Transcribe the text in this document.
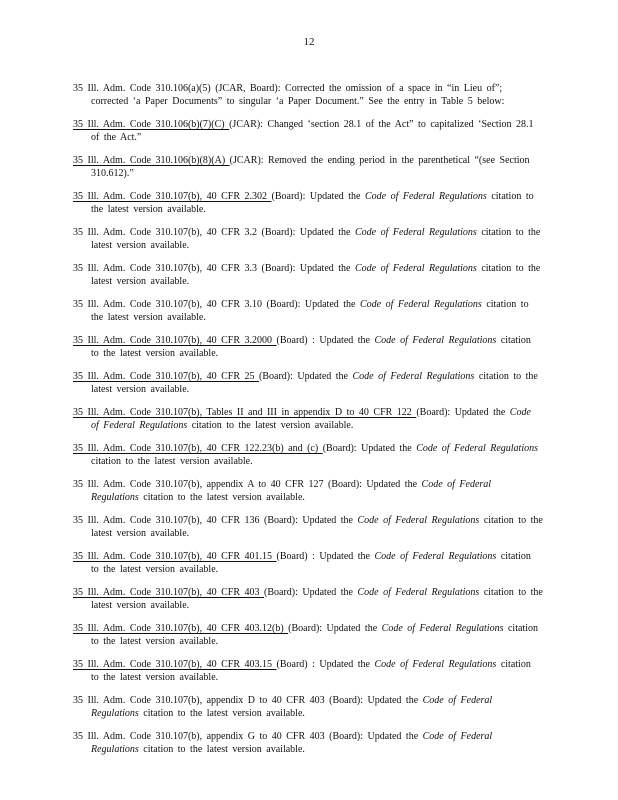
12

35 Ill. Adm. Code 310.106(a)(5) (JCAR, Board): Corrected the omission of a space in “in Lieu of”; corrected ‘a Paper Documents” to singular ‘a Paper Document.” See the entry in Table 5 below:

35 Ill. Adm. Code 310.106(b)(7)(C) (JCAR): Changed ‘section 28.1 of the Act” to capitalized ‘Section 28.1 of the Act.”

35 Ill. Adm. Code 310.106(b)(8)(A) (JCAR): Removed the ending period in the parenthetical “(see Section 310.612).”

35 Ill. Adm. Code 310.107(b), 40 CFR 2.302 (Board): Updated the Code of Federal Regulations citation to the latest version available.

35 Ill. Adm. Code 310.107(b), 40 CFR 3.2 (Board): Updated the Code of Federal Regulations citation to the latest version available.

35 Ill. Adm. Code 310.107(b), 40 CFR 3.3 (Board): Updated the Code of Federal Regulations citation to the latest version available.

35 Ill. Adm. Code 310.107(b), 40 CFR 3.10 (Board): Updated the Code of Federal Regulations citation to the latest version available.

35 Ill. Adm. Code 310.107(b), 40 CFR 3.2000 (Board) : Updated the Code of Federal Regulations citation to the latest version available.

35 Ill. Adm. Code 310.107(b), 40 CFR 25 (Board): Updated the Code of Federal Regulations citation to the latest version available.

35 Ill. Adm. Code 310.107(b), Tables II and III in appendix D to 40 CFR 122 (Board): Updated the Code of Federal Regulations citation to the latest version available.

35 Ill. Adm. Code 310.107(b), 40 CFR 122.23(b) and (c) (Board): Updated the Code of Federal Regulations citation to the latest version available.

35 Ill. Adm. Code 310.107(b), appendix A to 40 CFR 127 (Board): Updated the Code of Federal Regulations citation to the latest version available.

35 Ill. Adm. Code 310.107(b), 40 CFR 136 (Board): Updated the Code of Federal Regulations citation to the latest version available.

35 Ill. Adm. Code 310.107(b), 40 CFR 401.15 (Board) : Updated the Code of Federal Regulations citation to the latest version available.

35 Ill. Adm. Code 310.107(b), 40 CFR 403 (Board): Updated the Code of Federal Regulations citation to the latest version available.

35 Ill. Adm. Code 310.107(b), 40 CFR 403.12(b) (Board): Updated the Code of Federal Regulations citation to the latest version available.

35 Ill. Adm. Code 310.107(b), 40 CFR 403.15 (Board) : Updated the Code of Federal Regulations citation to the latest version available.

35 Ill. Adm. Code 310.107(b), appendix D to 40 CFR 403 (Board): Updated the Code of Federal Regulations citation to the latest version available.

35 Ill. Adm. Code 310.107(b), appendix G to 40 CFR 403 (Board): Updated the Code of Federal Regulations citation to the latest version available.
